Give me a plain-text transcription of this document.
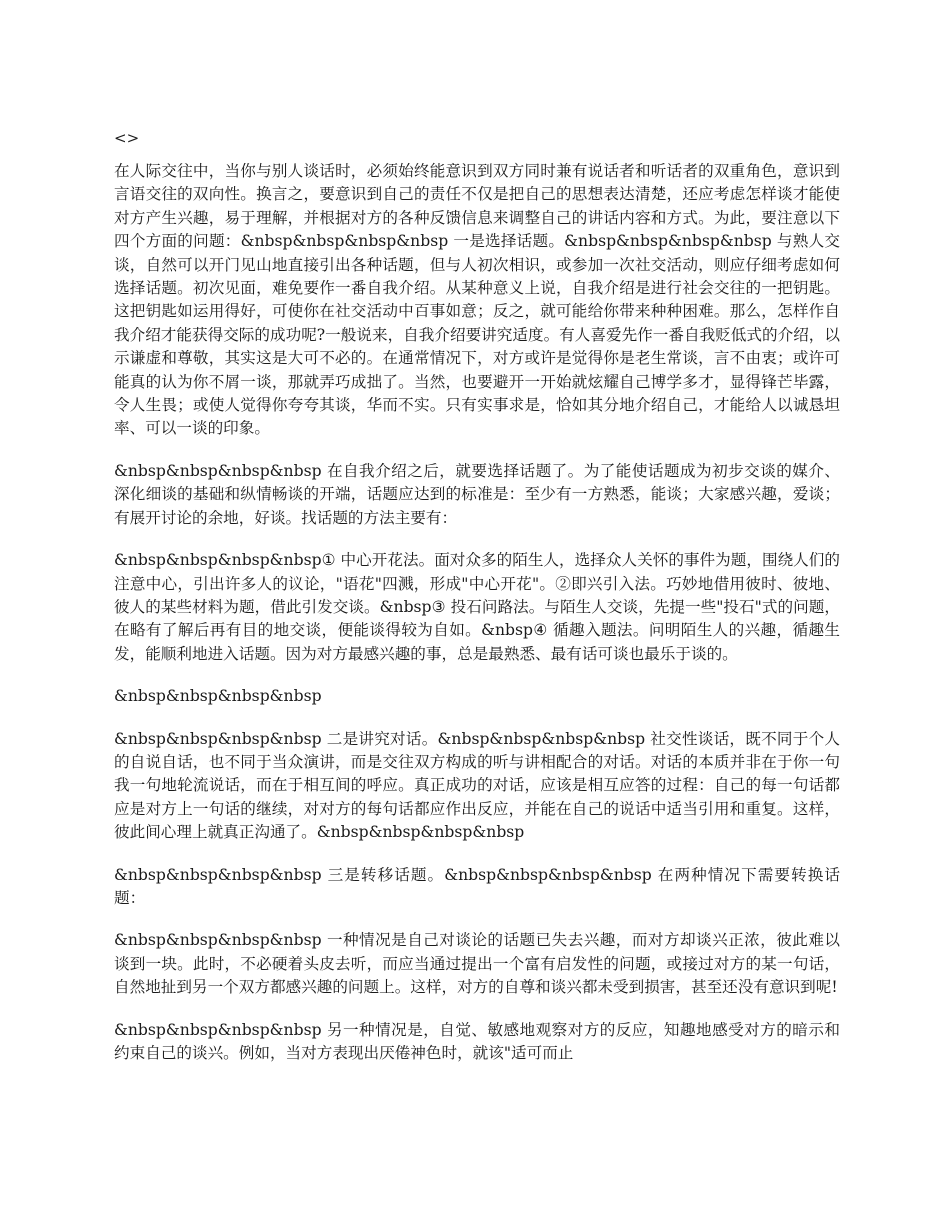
<>

在人际交往中，当你与别人谈话时，必须始终能意识到双方同时兼有说话者和听话者的双重角色，意识到言语交往的双向性。换言之，要意识到自己的责任不仅是把自己的思想表达清楚，还应考虑怎样谈才能使对方产生兴趣，易于理解，并根据对方的各种反馈信息来调整自己的讲话内容和方式。为此，要注意以下四个方面的问题：&nbsp&nbsp&nbsp&nbsp 一是选择话题。&nbsp&nbsp&nbsp&nbsp 与熟人交谈，自然可以开门见山地直接引出各种话题，但与人初次相识，或参加一次社交活动，则应仔细考虑如何选择话题。初次见面，难免要作一番自我介绍。从某种意义上说，自我介绍是进行社会交往的一把钥匙。这把钥匙如运用得好，可使你在社交活动中百事如意；反之，就可能给你带来种种困难。那么，怎样作自我介绍才能获得交际的成功呢?一般说来，自我介绍要讲究适度。有人喜爱先作一番自我贬低式的介绍，以示谦虚和尊敬，其实这是大可不必的。在通常情况下，对方或许是觉得你是老生常谈，言不由衷；或许可能真的认为你不屑一谈，那就弄巧成拙了。当然，也要避开一开始就炫耀自己博学多才，显得锋芒毕露，令人生畏；或使人觉得你夸夸其谈，华而不实。只有实事求是，恰如其分地介绍自己，才能给人以诚恳坦率、可以一谈的印象。

&nbsp&nbsp&nbsp&nbsp 在自我介绍之后，就要选择话题了。为了能使话题成为初步交谈的媒介、深化细谈的基础和纵情畅谈的开端，话题应达到的标准是：至少有一方熟悉，能谈；大家感兴趣，爱谈；有展开讨论的余地，好谈。找话题的方法主要有：

&nbsp&nbsp&nbsp&nbsp① 中心开花法。面对众多的陌生人，选择众人关怀的事件为题，围绕人们的注意中心，引出许多人的议论，"语花"四溅，形成"中心开花"。②即兴引入法。巧妙地借用彼时、彼地、彼人的某些材料为题，借此引发交谈。&nbsp③ 投石问路法。与陌生人交谈，先提一些"投石"式的问题，在略有了解后再有目的地交谈，便能谈得较为自如。&nbsp④ 循趣入题法。问明陌生人的兴趣，循趣生发，能顺利地进入话题。因为对方最感兴趣的事，总是最熟悉、最有话可谈也最乐于谈的。

&nbsp&nbsp&nbsp&nbsp

&nbsp&nbsp&nbsp&nbsp 二是讲究对话。&nbsp&nbsp&nbsp&nbsp 社交性谈话，既不同于个人的自说自话，也不同于当众演讲，而是交往双方构成的听与讲相配合的对话。对话的本质并非在于你一句我一句地轮流说话，而在于相互间的呼应。真正成功的对话，应该是相互应答的过程：自己的每一句话都应是对方上一句话的继续，对对方的每句话都应作出反应，并能在自己的说话中适当引用和重复。这样，彼此间心理上就真正沟通了。&nbsp&nbsp&nbsp&nbsp

&nbsp&nbsp&nbsp&nbsp 三是转移话题。&nbsp&nbsp&nbsp&nbsp 在两种情况下需要转换话题：

&nbsp&nbsp&nbsp&nbsp 一种情况是自己对谈论的话题已失去兴趣，而对方却谈兴正浓，彼此难以谈到一块。此时，不必硬着头皮去听，而应当通过提出一个富有启发性的问题，或接过对方的某一句话，自然地扯到另一个双方都感兴趣的问题上。这样，对方的自尊和谈兴都未受到损害，甚至还没有意识到呢!

&nbsp&nbsp&nbsp&nbsp 另一种情况是，自觉、敏感地观察对方的反应，知趣地感受对方的暗示和约束自己的谈兴。例如，当对方表现出厌倦神色时，就该"适可而止
